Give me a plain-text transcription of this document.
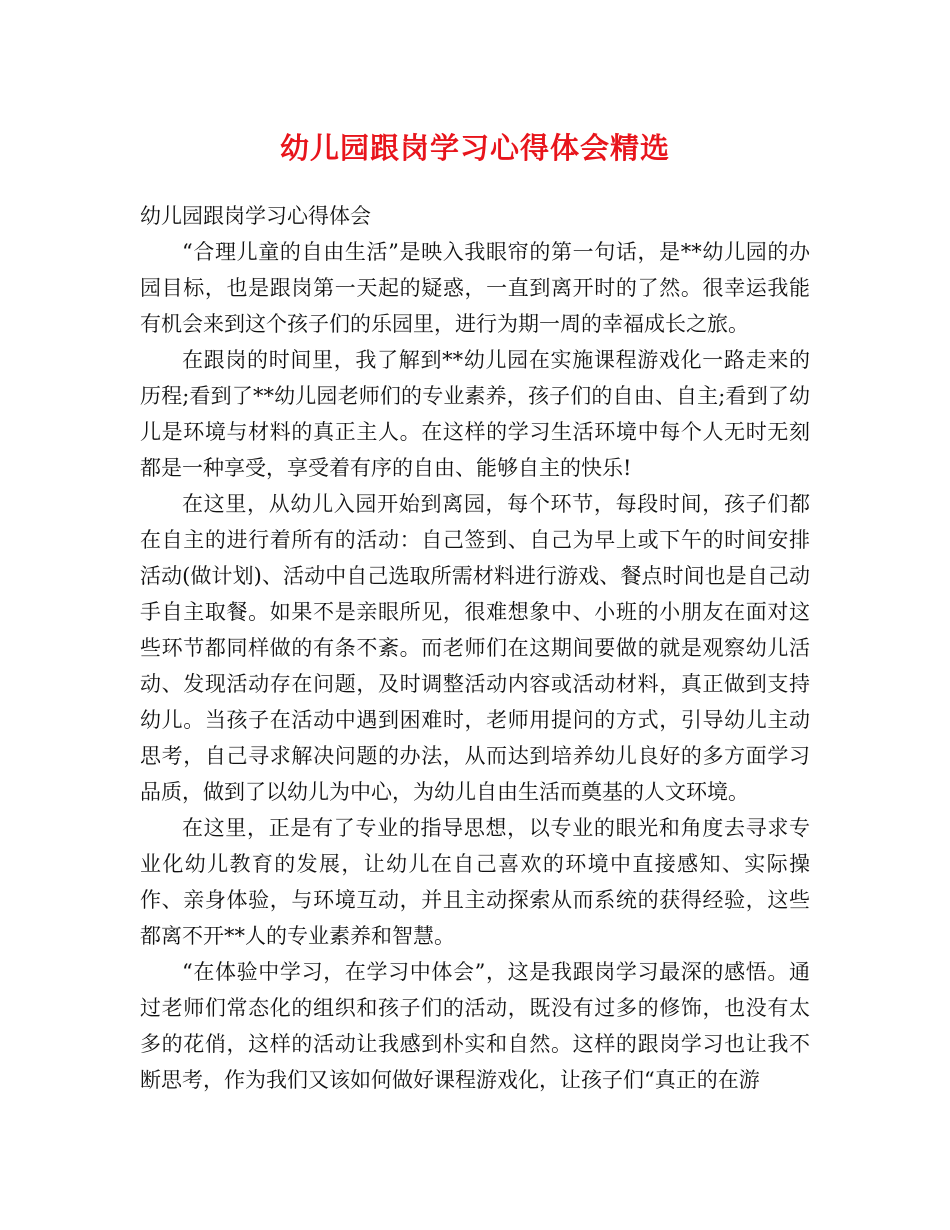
幼儿园跟岗学习心得体会精选

幼儿园跟岗学习心得体会

“合理儿童的自由生活”是映入我眼帘的第一句话，是**幼儿园的办园目标，也是跟岗第一天起的疑惑，一直到离开时的了然。很幸运我能有机会来到这个孩子们的乐园里，进行为期一周的幸福成长之旅。

在跟岗的时间里，我了解到**幼儿园在实施课程游戏化一路走来的历程;看到了**幼儿园老师们的专业素养，孩子们的自由、自主;看到了幼儿是环境与材料的真正主人。在这样的学习生活环境中每个人无时无刻都是一种享受，享受着有序的自由、能够自主的快乐!

在这里，从幼儿入园开始到离园，每个环节，每段时间，孩子们都在自主的进行着所有的活动：自己签到、自己为早上或下午的时间安排活动(做计划)、活动中自己选取所需材料进行游戏、餐点时间也是自己动手自主取餐。如果不是亲眼所见，很难想象中、小班的小朋友在面对这些环节都同样做的有条不紊。而老师们在这期间要做的就是观察幼儿活动、发现活动存在问题，及时调整活动内容或活动材料，真正做到支持幼儿。当孩子在活动中遇到困难时，老师用提问的方式，引导幼儿主动思考，自己寻求解决问题的办法，从而达到培养幼儿良好的多方面学习品质，做到了以幼儿为中心，为幼儿自由生活而奠基的人文环境。

在这里，正是有了专业的指导思想，以专业的眼光和角度去寻求专业化幼儿教育的发展，让幼儿在自己喜欢的环境中直接感知、实际操作、亲身体验，与环境互动，并且主动探索从而系统的获得经验，这些都离不开**人的专业素养和智慧。

“在体验中学习，在学习中体会”，这是我跟岗学习最深的感悟。通过老师们常态化的组织和孩子们的活动，既没有过多的修饰，也没有太多的花俏，这样的活动让我感到朴实和自然。这样的跟岗学习也让我不断思考，作为我们又该如何做好课程游戏化，让孩子们“真正的在游
